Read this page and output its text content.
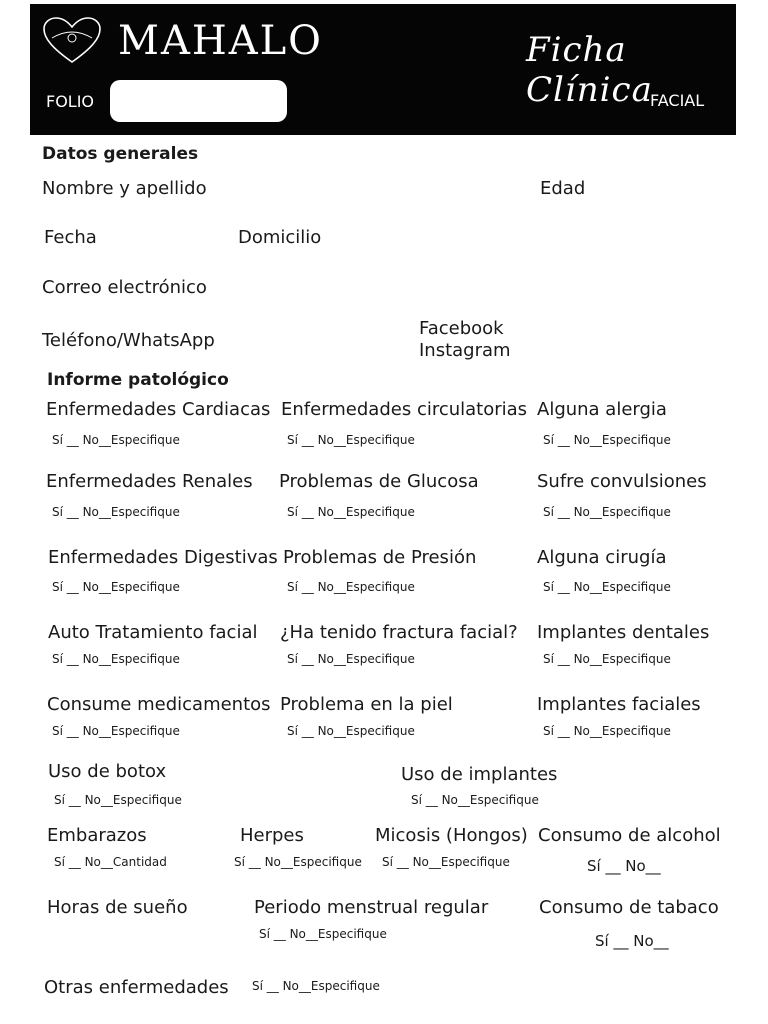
MAHALO
FOLIO
Ficha Clínica
FACIAL
Datos generales
Nombre y apellido	Edad
Fecha	Domicilio
Correo electrónico
Teléfono/WhatsApp
Facebook
Instagram
Informe patológico
Enfermedades Cardiacas
Sí __ No__Especifique
Enfermedades circulatorias
Sí __ No__Especifique
Alguna alergia
Sí __ No__Especifique
Enfermedades Renales
Sí __ No__Especifique
Problemas de Glucosa
Sí __ No__Especifique
Sufre convulsiones
Sí __ No__Especifique
Enfermedades Digestivas
Sí __ No__Especifique
Problemas de Presión
Sí __ No__Especifique
Alguna cirugía
Sí __ No__Especifique
Auto Tratamiento facial
Sí __ No__Especifique
¿Ha tenido fractura facial?
Sí __ No__Especifique
Implantes dentales
Sí __ No__Especifique
Consume medicamentos
Sí __ No__Especifique
Problema en la piel
Sí __ No__Especifique
Implantes faciales
Sí __ No__Especifique
Uso de botox
Sí __ No__Especifique
Uso de implantes
Sí __ No__Especifique
Embarazos
Sí __ No__Cantidad
Herpes
Sí __ No__Especifique
Micosis (Hongos)
Sí __ No__Especifique
Consumo de alcohol
Sí __ No__
Horas de sueño	Periodo menstrual regular
Sí __ No__Especifique
Consumo de tabaco
Sí __ No__
Otras enfermedades Sí __ No__Especifique
